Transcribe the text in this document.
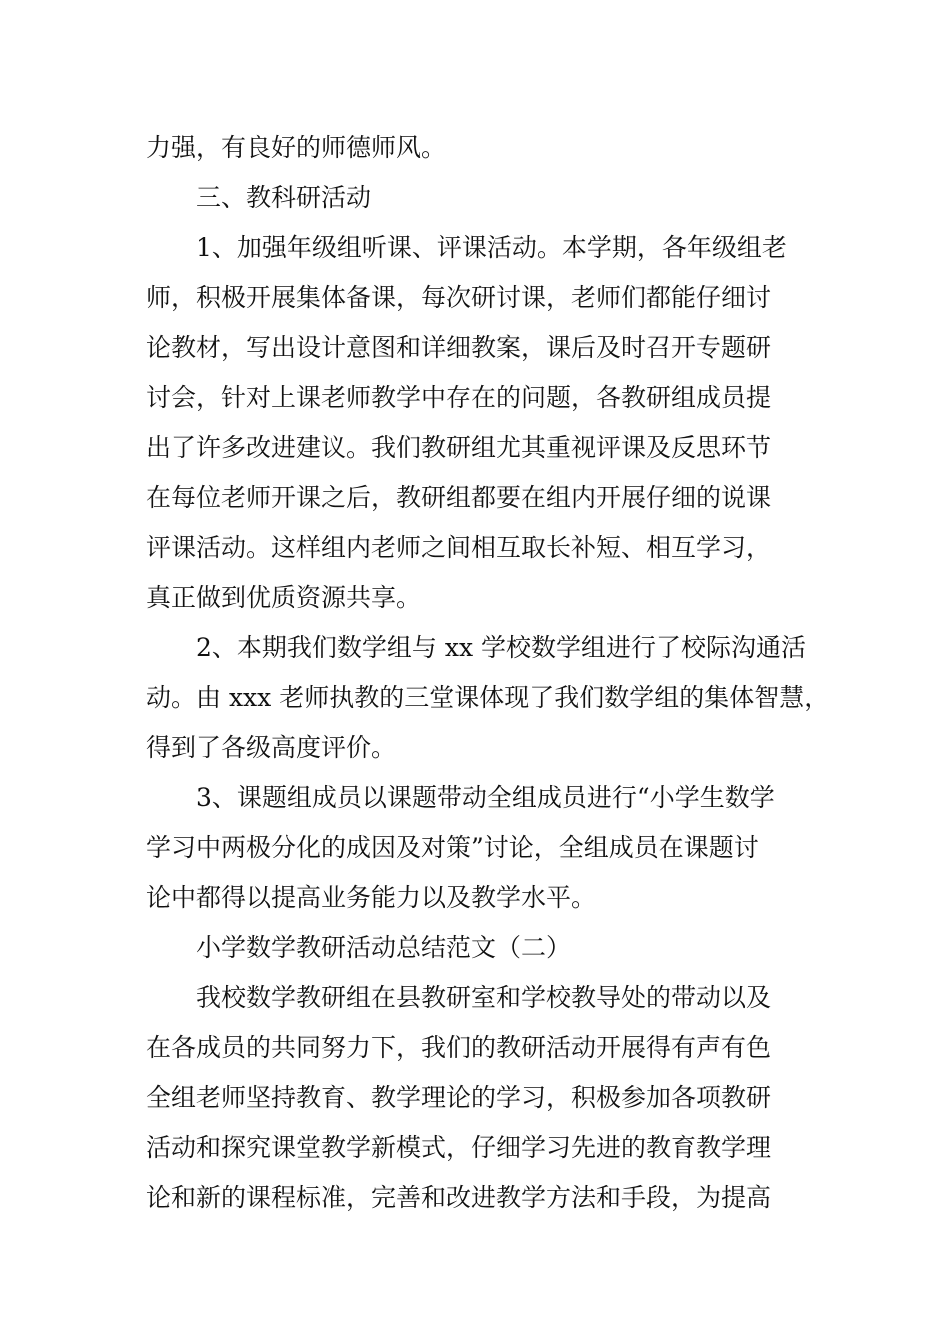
力强，有良好的师德师风。
三、教科研活动
1、加强年级组听课、评课活动。本学期，各年级组老
师，积极开展集体备课，每次研讨课，老师们都能仔细讨
论教材，写出设计意图和详细教案，课后及时召开专题研
讨会，针对上课老师教学中存在的问题，各教研组成员提
出了许多改进建议。我们教研组尤其重视评课及反思环节
在每位老师开课之后，教研组都要在组内开展仔细的说课
评课活动。这样组内老师之间相互取长补短、相互学习，
真正做到优质资源共享。
2、本期我们数学组与 xx 学校数学组进行了校际沟通活
动。由 xxx 老师执教的三堂课体现了我们数学组的集体智慧，
得到了各级高度评价。
3、课题组成员以课题带动全组成员进行“小学生数学
学习中两极分化的成因及对策”讨论，全组成员在课题讨
论中都得以提高业务能力以及教学水平。
小学数学教研活动总结范文（二）
我校数学教研组在县教研室和学校教导处的带动以及
在各成员的共同努力下，我们的教研活动开展得有声有色
全组老师坚持教育、教学理论的学习，积极参加各项教研
活动和探究课堂教学新模式，仔细学习先进的教育教学理
论和新的课程标准，完善和改进教学方法和手段，为提高
